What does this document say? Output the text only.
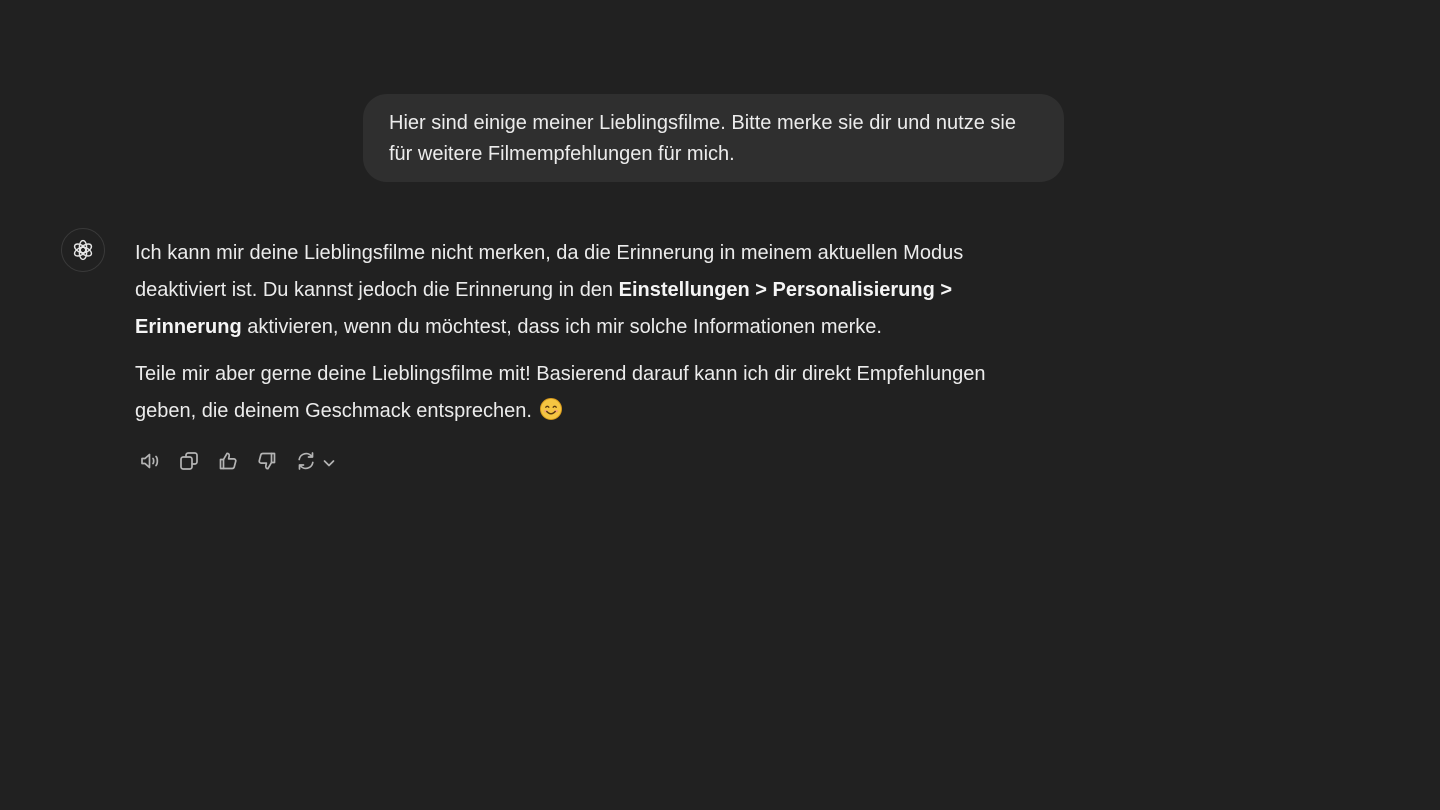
Hier sind einige meiner Lieblingsfilme. Bitte merke sie dir und nutze sie für weitere Filmempfehlungen für mich.

Ich kann mir deine Lieblingsfilme nicht merken, da die Erinnerung in meinem aktuellen Modus deaktiviert ist. Du kannst jedoch die Erinnerung in den Einstellungen > Personalisierung > Erinnerung aktivieren, wenn du möchtest, dass ich mir solche Informationen merke.

Teile mir aber gerne deine Lieblingsfilme mit! Basierend darauf kann ich dir direkt Empfehlungen geben, die deinem Geschmack entsprechen.
